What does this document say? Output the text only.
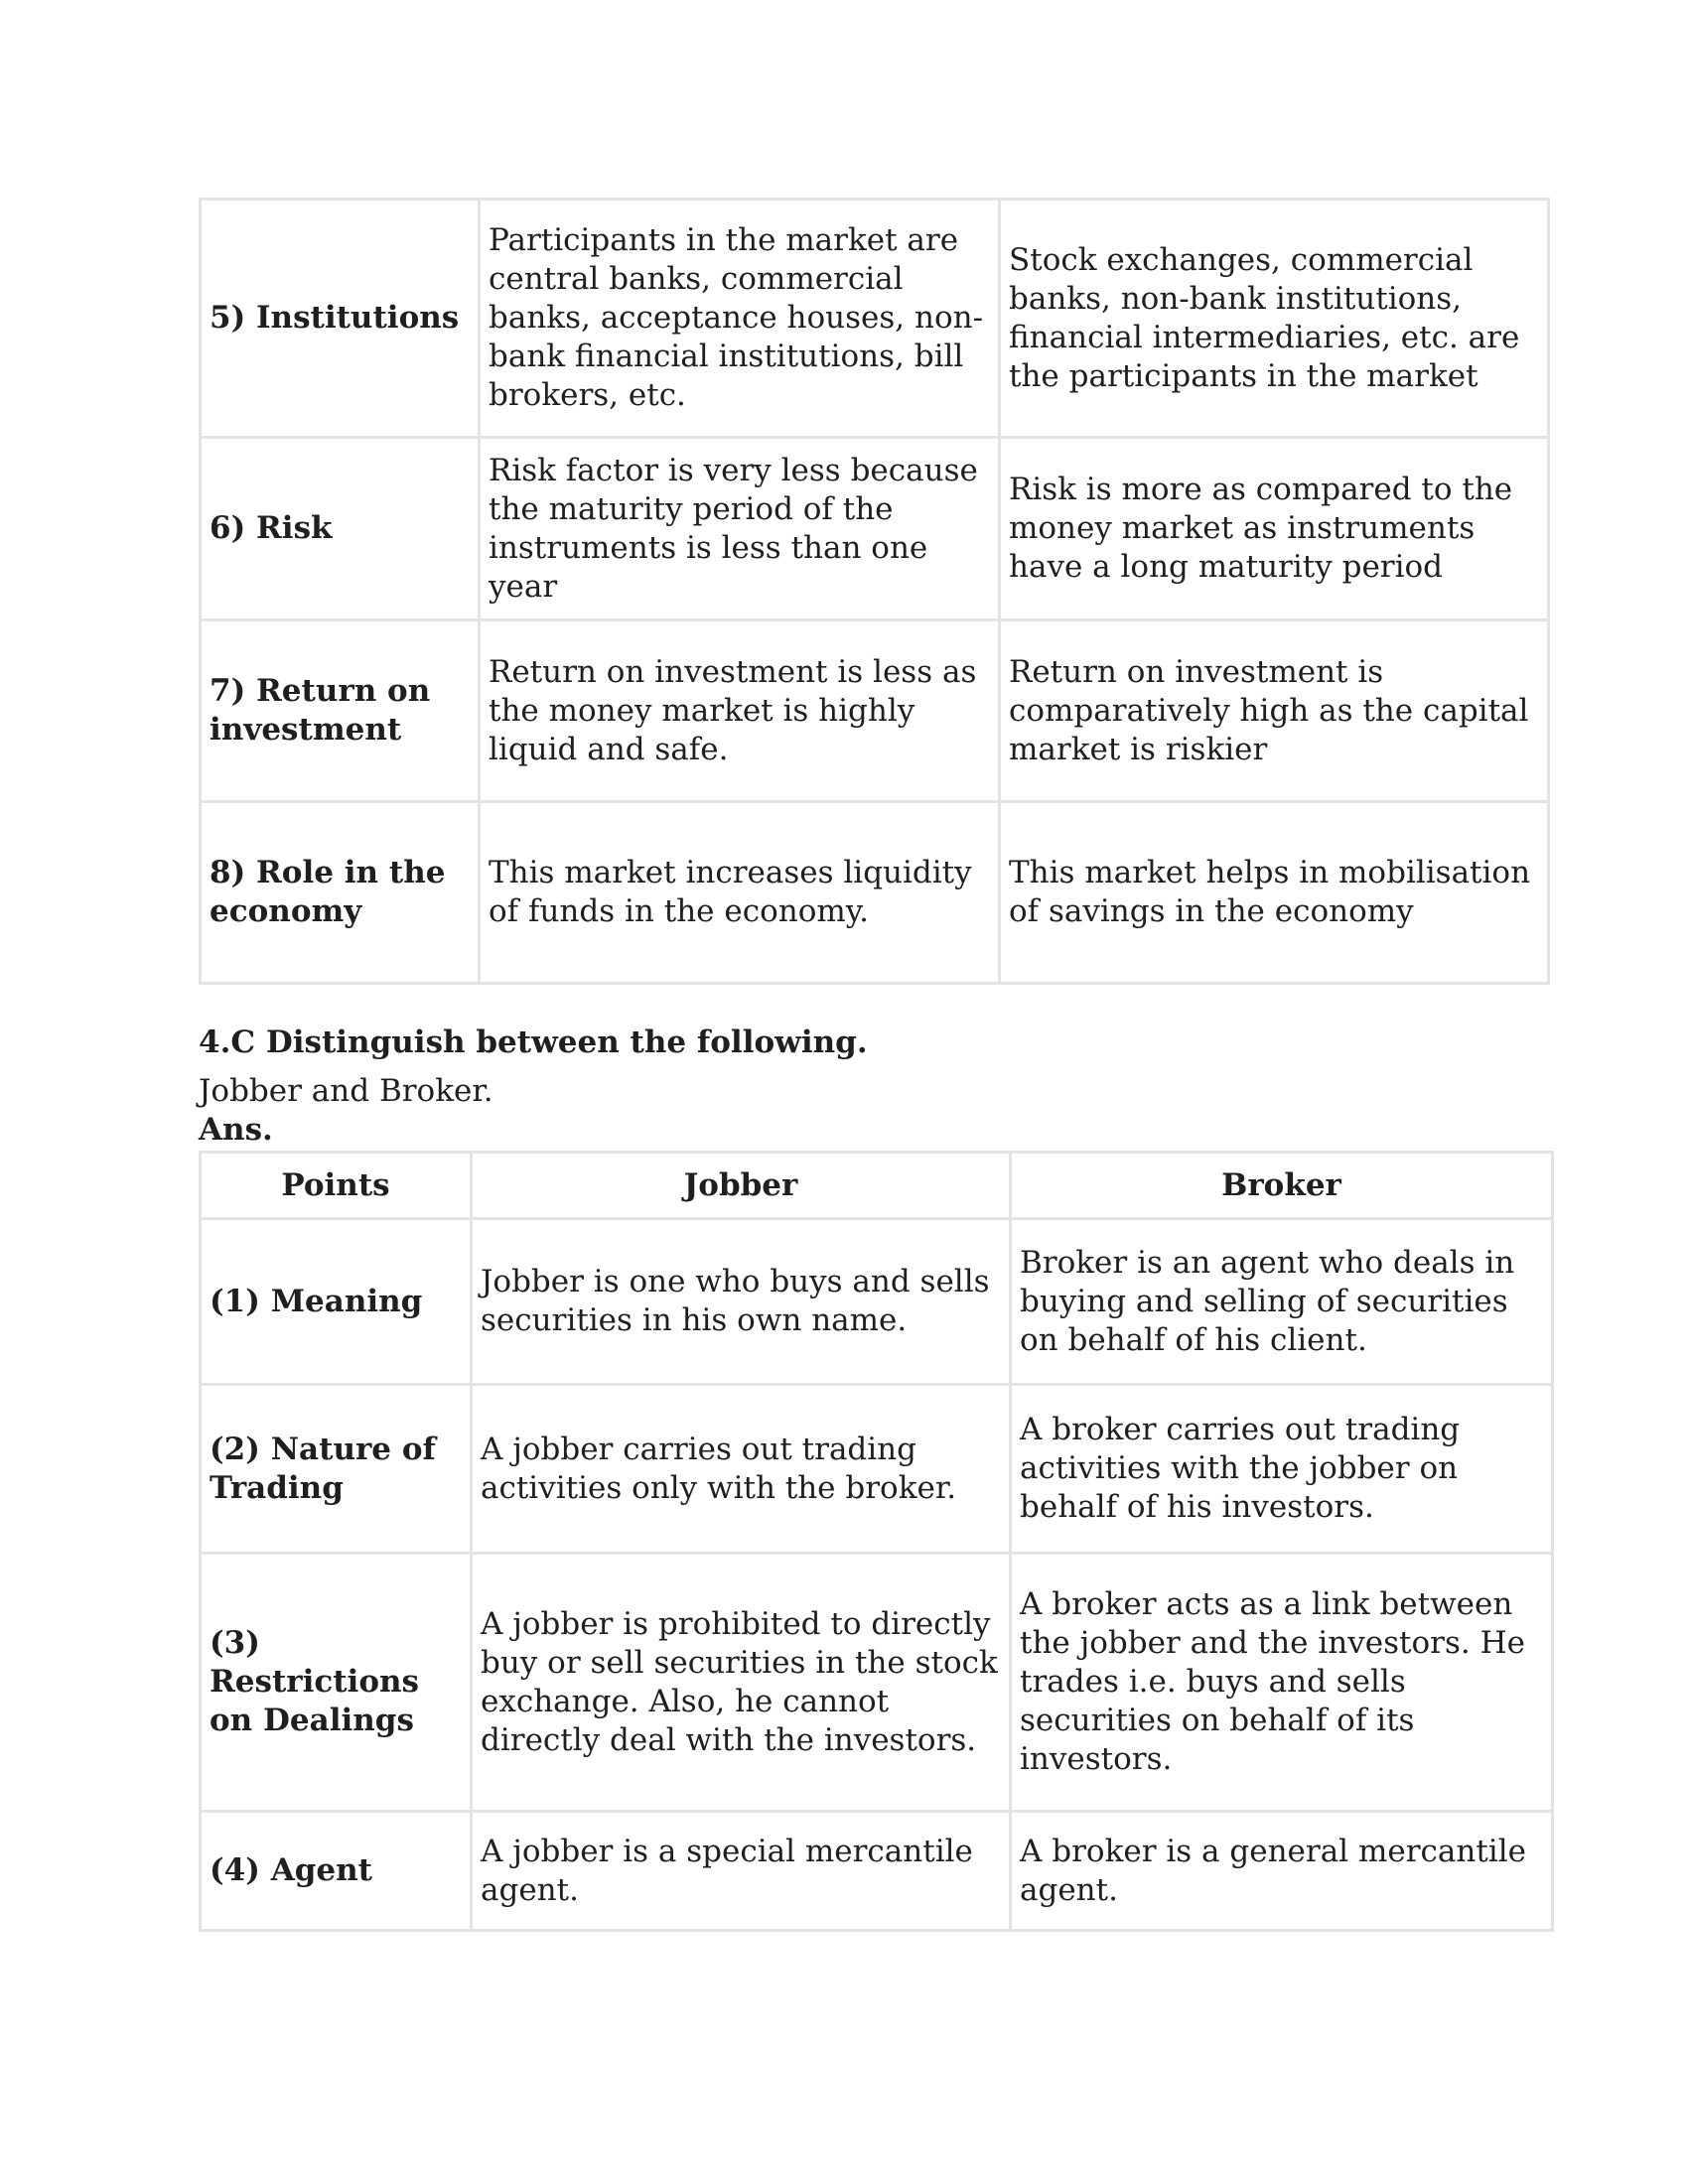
5) Institutions	Participants in the market are central banks, commercial banks, acceptance houses, non-bank financial institutions, bill brokers, etc.	Stock exchanges, commercial banks, non-bank institutions, financial intermediaries, etc. are the participants in the market
6) Risk	Risk factor is very less because the maturity period of the instruments is less than one year	Risk is more as compared to the money market as instruments have a long maturity period
7) Return on investment	Return on investment is less as the money market is highly liquid and safe.	Return on investment is comparatively high as the capital market is riskier
8) Role in the economy	This market increases liquidity of funds in the economy.	This market helps in mobilisation of savings in the economy

4.C Distinguish between the following.

Jobber and Broker.

Ans.

Points	Jobber	Broker
(1) Meaning	Jobber is one who buys and sells securities in his own name.	Broker is an agent who deals in buying and selling of securities on behalf of his client.
(2) Nature of Trading	A jobber carries out trading activities only with the broker.	A broker carries out trading activities with the jobber on behalf of his investors.
(3) Restrictions on Dealings	A jobber is prohibited to directly buy or sell securities in the stock exchange. Also, he cannot directly deal with the investors.	A broker acts as a link between the jobber and the investors. He trades i.e. buys and sells securities on behalf of its investors.
(4) Agent	A jobber is a special mercantile agent.	A broker is a general mercantile agent.
